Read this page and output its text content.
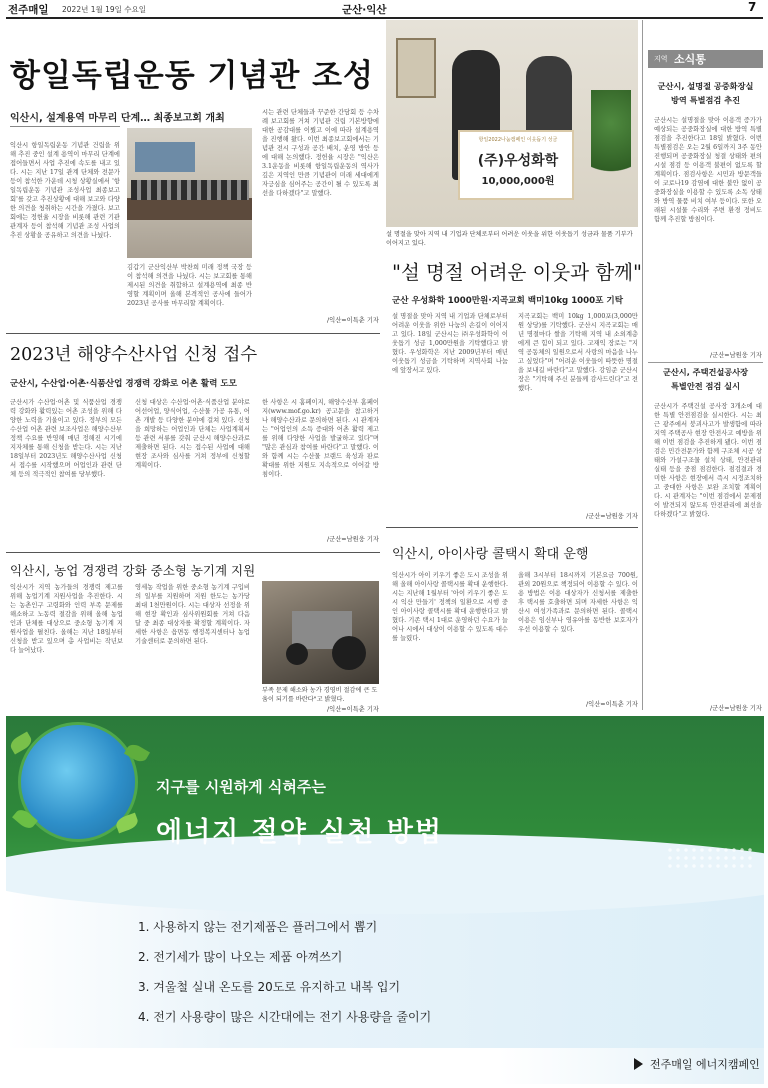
전주매일 2022년 1월 19일 수요일	군산·익산	7
항일독립운동 기념관 조성
익산시, 설계용역 마무리 단계… 최종보고회 개최
익산시 항일독립운동 기념관 건립을 위해 추진 중인 설계 용역이 마무리 단계에 접어들면서 사업 추진에 속도를 내고 있다. 시는 지난 17일 관계 단체와 전문가 등이 참석한 가운데 시청 상황실에서 '항일독립운동 기념관 조성사업 최종보고회'를 갖고 추진상황에 대해 보고와 다양한 의견을 청취하는 시간을 가졌다. 보고회에는 정헌율 시장을 비롯해 관련 기관 관계자 등이 참석해 기념관 조성 사업의 추진 상황을 공유하고 의견을 나눴다.
김갑기 군산익산부 박찬희 미래 정책 국장 등이 참석해 의견을 나눴다. 시는 보고회를 통해 제시된 의견을 취합하고 설계용역에 최종 반영할 계획이며 올해 본격적인 공사에 들어가 2023년 공사를 마무리할 계획이다.
시는 관련 단체들과 꾸준한 간담회 등 수차례 보고회를 거쳐 기념관 건립 기본방향에 대한 공감대를 이뤘고 이에 따라 설계용역을 진행해 왔다. 이번 최종보고회에서는 기념관 전시 구성과 공간 배치, 운영 방안 등에 대해 논의했다. 정헌율 시장은 "익산은 3.1운동을 비롯해 항일독립운동의 역사가 깊은 지역인 만큼 기념관이 미래 세대에게 자긍심을 심어주는 공간이 될 수 있도록 최선을 다하겠다"고 말했다.
/익산=이특춘 기자
2023년 해양수산사업 신청 접수
군산시, 수산업·어촌·식품산업 경쟁력 강화로 어촌 활력 도모
군산시가 수산업·어촌 및 식품산업 경쟁력 강화와 활력있는 어촌 조성을 위해 다양한 노력을 기울이고 있다. 정부의 모든 수산업 어촌 관련 보조사업은 해양수산부 정책 수요를 반영해 매년 정해진 시기에 지자체를 통해 신청을 받는다. 시는 지난 18일부터 2023년도 해양수산사업 신청서 접수를 시작했으며 어업인과 관련 단체 등의 적극적인 참여를 당부했다.
신청 대상은 수산업·어촌·식품산업 분야로 어선어업, 양식어업, 수산물 가공 유통, 어촌 개발 등 다양한 분야에 걸쳐 있다. 신청을 희망하는 어업인과 단체는 사업계획서 등 관련 서류를 갖춰 군산시 해양수산과로 제출하면 된다. 시는 접수된 사업에 대해 현장 조사와 심사를 거쳐 정부에 신청할 계획이다.
한 사항은 시 홈페이지, 해양수산부 홈페이지(www.mof.go.kr) 공고문을 참고하거나 해양수산과로 문의하면 된다. 시 관계자는 "어업인의 소득 증대와 어촌 활력 제고를 위해 다양한 사업을 발굴하고 있다"며 "많은 관심과 참여를 바란다"고 말했다. 이와 함께 시는 수산물 브랜드 육성과 판로 확대를 위한 지원도 지속적으로 이어갈 방침이다.
/군산=남원웅 기자
익산시, 농업 경쟁력 강화 중소형 농기계 지원
익산시가 지역 농가들의 경쟁력 제고를 위해 농업기계 지원사업을 추진한다. 시는 농촌인구 고령화와 인력 부족 문제를 해소하고 노동력 절감을 위해 올해 농업인과 단체를 대상으로 중소형 농기계 지원사업을 펼친다. 올해는 지난 18일부터 신청을 받고 있으며 총 사업비는 작년보다 늘어났다.
영세농 작업을 위한 중소형 농기계 구입비의 일부를 지원하며 지원 한도는 농가당 최대 1천만원이다. 시는 대상자 선정을 위해 현장 확인과 심사위원회를 거쳐 다음 달 중 최종 대상자를 확정할 계획이다. 자세한 사항은 읍면동 행정복지센터나 농업기술센터로 문의하면 된다.
부족 문제 해소와 농가 경영비 절감에 큰 도움이 되기를 바란다"고 밝혔다.
/익산=이특춘 기자
항일2022나눔캠페인 이웃돕기 성금
(주)우성화학
10,000,000원
설 명절을 맞아 지역 내 기업과 단체로부터 어려운 이웃을 위한 이웃돕기 성금과 물품 기부가 이어지고 있다.
"설 명절 어려운 이웃과 함께"
군산 우성화학 1000만원·지곡교회 백미10kg 1000포 기탁
설 명절을 맞아 지역 내 기업과 단체로부터 어려운 이웃을 위한 나눔의 손길이 이어지고 있다. 18일 군산시는 ㈜우성화학이 이웃돕기 성금 1,000만원을 기탁했다고 밝혔다. 우성화학은 지난 2009년부터 매년 이웃돕기 성금을 기탁하며 지역사회 나눔에 앞장서고 있다.
지곡교회는 백미 10kg 1,000포(3,000만원 상당)를 기탁했다. 군산시 지곡교회는 매년 명절마다 쌀을 기탁해 지역 내 소외계층에게 큰 힘이 되고 있다. 고재익 장로는 "지역 공동체의 일원으로서 사랑의 마음을 나누고 싶었다"며 "어려운 이웃들이 따뜻한 명절을 보내길 바란다"고 말했다. 강임준 군산시장은 "기탁해 주신 분들께 감사드린다"고 전했다.
/군산=남원웅 기자
익산시, 아이사랑 콜택시 확대 운행
익산시가 아이 키우기 좋은 도시 조성을 위해 올해 아이사랑 콜택시를 확대 운행한다. 시는 지난해 1월부터 '아이 키우기 좋은 도시 익산 만들기' 정책의 일환으로 시행 중인 아이사랑 콜택시를 확대 운행한다고 밝혔다. 기존 택시 1대로 운영하던 수요가 늘어나 시에서 대상이 이용할 수 있도록 대수를 늘렸다.
올해 3시부터 18시까지 기본요금 700원, 관외 20원으로 책정되어 이용할 수 있다. 이용 방법은 이용 대상자가 신청서를 제출한 후 택시를 호출하면 되며 자세한 사항은 익산시 여성가족과로 문의하면 된다. 콜택시 이용은 임신부나 영유아를 동반한 보호자가 우선 이용할 수 있다.
/익산=이특춘 기자
지역 소식통
군산시, 설명절 공중화장실
방역 특별점검 추진
군산시는 설명절을 맞아 이용객 증가가 예상되는 공중화장실에 대한 방역 특별점검을 추진한다고 18일 밝혔다. 이번 특별점검은 오는 2월 6일까지 3주 동안 진행되며 공중화장실 청결 상태와 편의시설 점검 등 이용객 불편이 없도록 할 계획이다. 점검사항은 시민과 방문객들이 코로나19 감염에 대한 불안 없이 공중화장실을 이용할 수 있도록 소독 상태와 방역 물품 비치 여부 등이다. 또한 오래된 시설물 수리와 주변 환경 정비도 함께 추진할 방침이다.
/군산=남원웅 기자
군산시, 주택건설공사장
특별안전 점검 실시
군산시가 주택건설 공사장 3개소에 대한 특별 안전점검을 실시한다. 시는 최근 광주에서 붕괴사고가 발생함에 따라 지역 주택공사 현장 안전사고 예방을 위해 이번 점검을 추진하게 됐다. 이번 점검은 민간전문가와 함께 구조체 시공 상태와 가설구조물 설치 상태, 안전관리 실태 등을 중점 점검한다. 점검결과 경미한 사항은 현장에서 즉시 시정조치하고 중대한 사항은 보완 조치할 계획이다. 시 관계자는 "이번 점검에서 문제점이 발견되지 않도록 안전관리에 최선을 다하겠다"고 밝혔다.
/군산=남원웅 기자
지구를 시원하게 식혀주는
에너지 절약 실천 방법
1. 사용하지 않는 전기제품은 플러그에서 뽑기
2. 전기세가 많이 나오는 제품 아껴쓰기
3. 겨울철 실내 온도를 20도로 유지하고 내복 입기
4. 전기 사용량이 많은 시간대에는 전기 사용량을 줄이기
전주매일 에너지캠페인
